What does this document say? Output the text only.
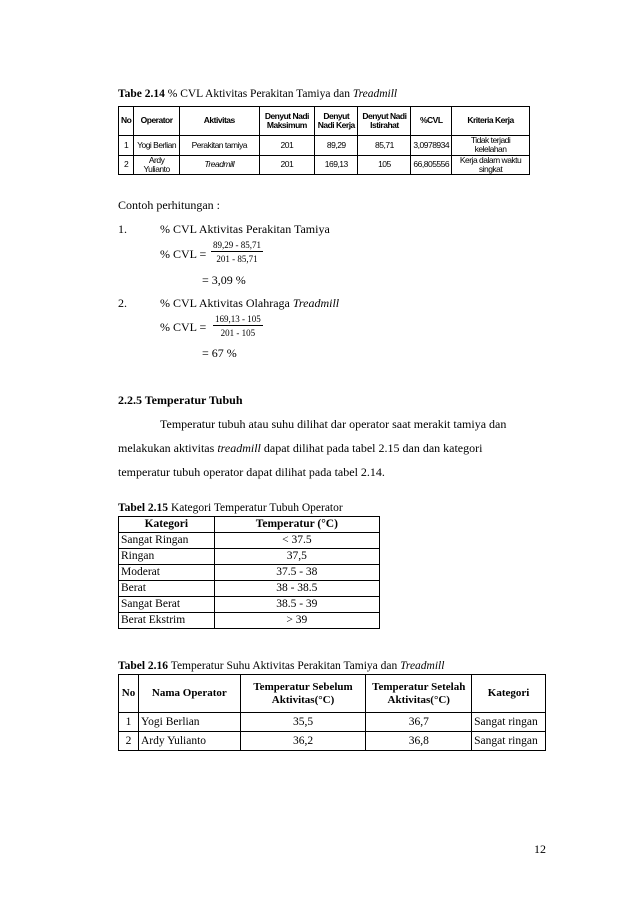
Tabe 2.14 % CVL Aktivitas Perakitan Tamiya dan Treadmill
No	Operator	Aktivitas	Denyut Nadi Maksimum	Denyut Nadi Kerja	Denyut Nadi Istirahat	%CVL	Kriteria Kerja
1	Yogi Berlian	Perakitan tamiya	201	89,29	85,71	3,0978934	Tidak terjadi kelelahan
2	Ardy Yulianto	Treadmill	201	169,13	105	66,805556	Kerja dalam waktu singkat
Contoh perhitungan :
1.	% CVL Aktivitas Perakitan Tamiya
% CVL = $\frac{89,29 - 85,71}{201 - 85,71}$
= 3,09 %
2.	% CVL Aktivitas Olahraga Treadmill
% CVL = $\frac{169,13 - 105}{201 - 105}$
= 67 %
2.2.5 Temperatur Tubuh
Temperatur tubuh atau suhu dilihat dar operator saat merakit tamiya dan
melakukan aktivitas treadmill dapat dilihat pada tabel 2.15 dan dan kategori
temperatur tubuh operator dapat dilihat pada tabel 2.14.
Tabel 2.15 Kategori Temperatur Tubuh Operator
Kategori	Temperatur (°C)
Sangat Ringan	< 37.5
Ringan	37,5
Moderat	37.5 - 38
Berat	38 - 38.5
Sangat Berat	38.5 - 39
Berat Ekstrim	> 39
Tabel 2.16 Temperatur Suhu Aktivitas Perakitan Tamiya dan Treadmill
No	Nama Operator	Temperatur Sebelum Aktivitas(°C)	Temperatur Setelah Aktivitas(°C)	Kategori
1	Yogi Berlian	35,5	36,7	Sangat ringan
2	Ardy Yulianto	36,2	36,8	Sangat ringan
12
